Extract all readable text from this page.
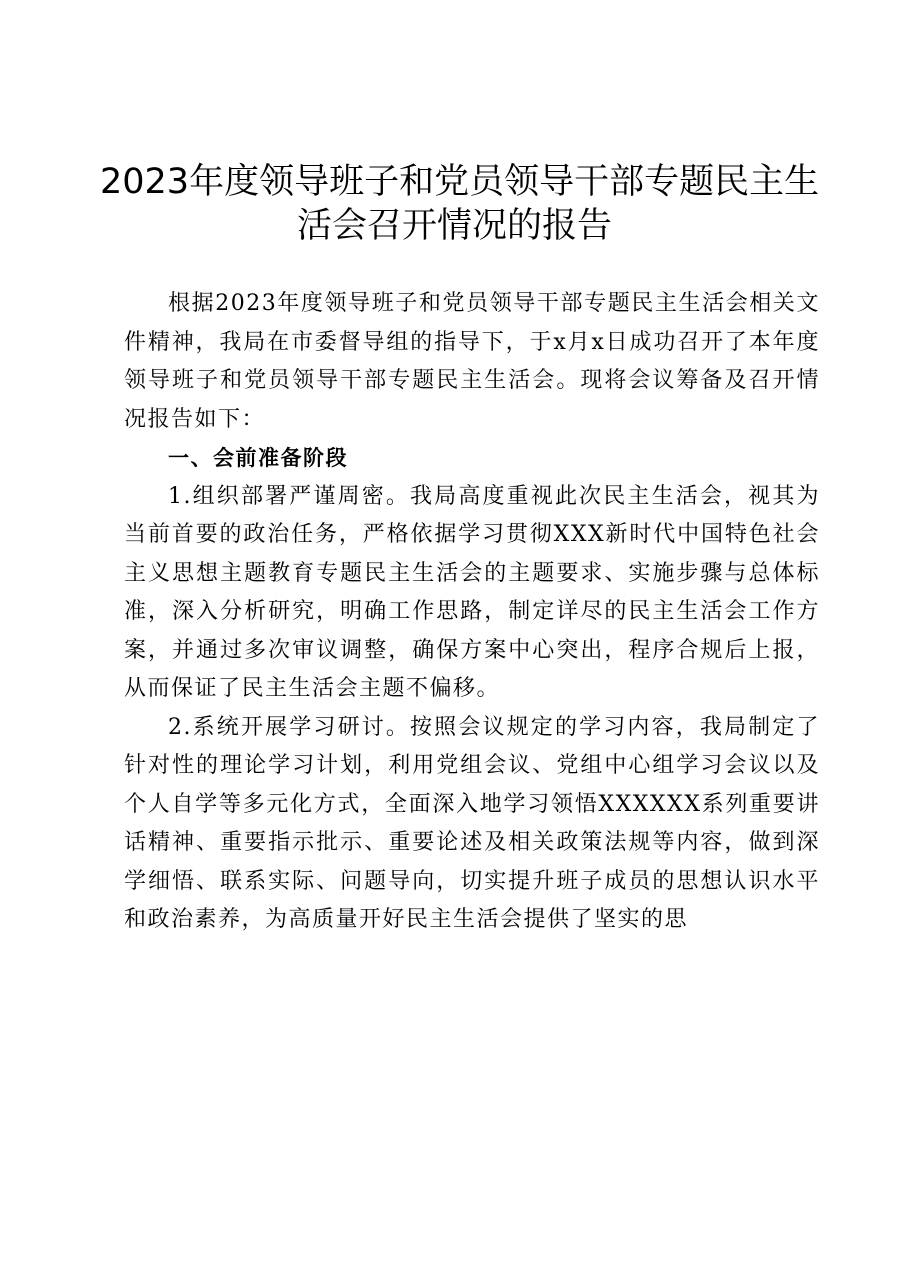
2023年度领导班子和党员领导干部专题民主生
活会召开情况的报告

根据2023年度领导班子和党员领导干部专题民主生活会相关文件精神，我局在市委督导组的指导下，于x月x日成功召开了本年度领导班子和党员领导干部专题民主生活会。现将会议筹备及召开情况报告如下：

一、会前准备阶段

1.组织部署严谨周密。我局高度重视此次民主生活会，视其为当前首要的政治任务，严格依据学习贯彻XXX新时代中国特色社会主义思想主题教育专题民主生活会的主题要求、实施步骤与总体标准，深入分析研究，明确工作思路，制定详尽的民主生活会工作方案，并通过多次审议调整，确保方案中心突出，程序合规后上报，从而保证了民主生活会主题不偏移。

2.系统开展学习研讨。按照会议规定的学习内容，我局制定了针对性的理论学习计划，利用党组会议、党组中心组学习会议以及个人自学等多元化方式，全面深入地学习领悟XXXXXX系列重要讲话精神、重要指示批示、重要论述及相关政策法规等内容，做到深学细悟、联系实际、问题导向，切实提升班子成员的思想认识水平和政治素养，为高质量开好民主生活会提供了坚实的思
